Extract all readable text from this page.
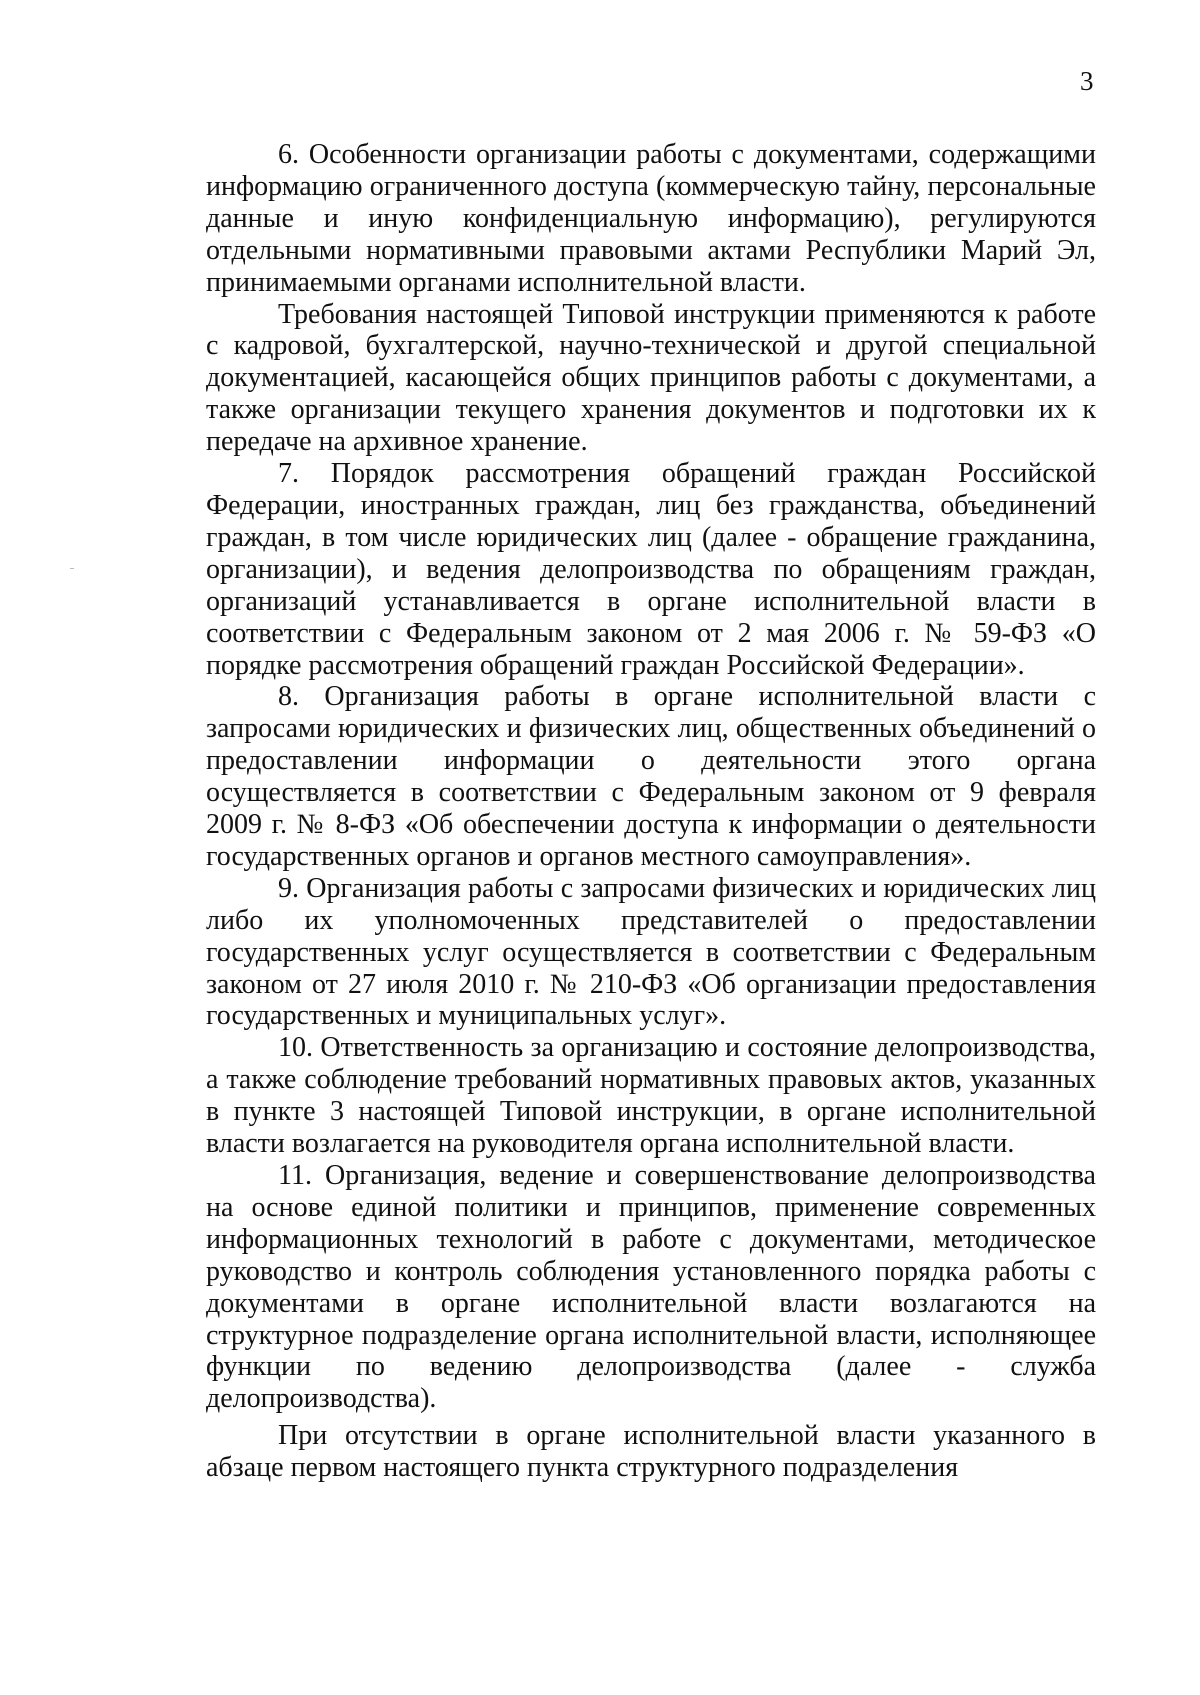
3

6. Особенности организации работы с документами, содержащими информацию ограниченного доступа (коммерческую тайну, персональные данные и иную конфиденциальную информацию), регулируются отдельными нормативными правовыми актами Республики Марий Эл, принимаемыми органами исполнительной власти.

Требования настоящей Типовой инструкции применяются к работе с кадровой, бухгалтерской, научно-технической и другой специальной документацией, касающейся общих принципов работы с документами, а также организации текущего хранения документов и подготовки их к передаче на архивное хранение.

7. Порядок рассмотрения обращений граждан Российской Федерации, иностранных граждан, лиц без гражданства, объединений граждан, в том числе юридических лиц (далее - обращение гражданина, организации), и ведения делопроизводства по обращениям граждан, организаций устанавливается в органе исполнительной власти в соответствии с Федеральным законом от 2 мая 2006 г. № 59-ФЗ «О порядке рассмотрения обращений граждан Российской Федерации».

8. Организация работы в органе исполнительной власти с запросами юридических и физических лиц, общественных объединений о предоставлении информации о деятельности этого органа осуществляется в соответствии с Федеральным законом от 9 февраля 2009 г. № 8-ФЗ «Об обеспечении доступа к информации о деятельности государственных органов и органов местного самоуправления».

9. Организация работы с запросами физических и юридических лиц либо их уполномоченных представителей о предоставлении государственных услуг осуществляется в соответствии с Федеральным законом от 27 июля 2010 г. № 210-ФЗ «Об организации предоставления государственных и муниципальных услуг».

10. Ответственность за организацию и состояние делопроизводства, а также соблюдение требований нормативных правовых актов, указанных в пункте 3 настоящей Типовой инструкции, в органе исполнительной власти возлагается на руководителя органа исполнительной власти.

11. Организация, ведение и совершенствование делопроизводства на основе единой политики и принципов, применение современных информационных технологий в работе с документами, методическое руководство и контроль соблюдения установленного порядка работы с документами в органе исполнительной власти возлагаются на структурное подразделение органа исполнительной власти, исполняющее функции по ведению делопроизводства (далее - служба делопроизводства).

При отсутствии в органе исполнительной власти указанного в абзаце первом настоящего пункта структурного подразделения
